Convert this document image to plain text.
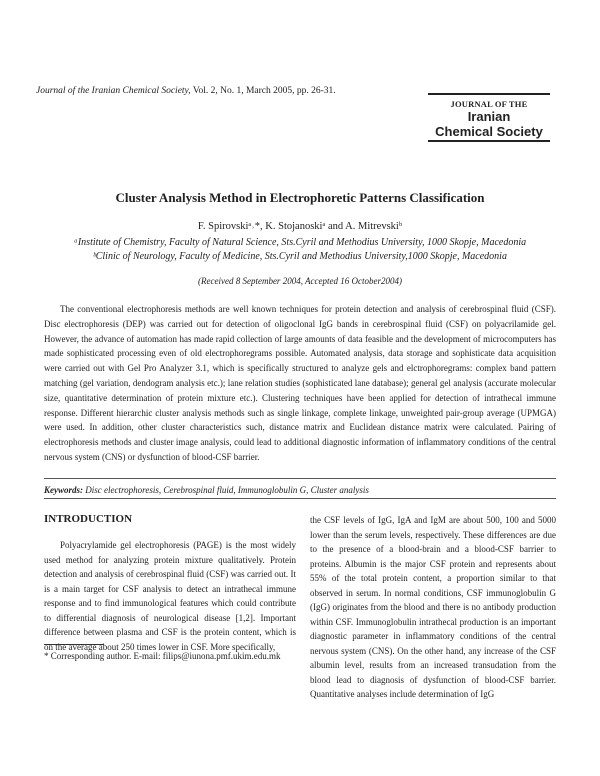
Journal of the Iranian Chemical Society, Vol. 2, No. 1, March 2005, pp. 26-31.
JOURNAL OF THE
Iranian
Chemical Society
Cluster Analysis Method in Electrophoretic Patterns Classification
F. Spirovskiᵃ˒*, K. Stojanoskiᵃ and A. Mitrevskiᵇ
ᵃInstitute of Chemistry, Faculty of Natural Science, Sts.Cyril and Methodius University, 1000 Skopje, Macedonia
ᵇClinic of Neurology, Faculty of Medicine, Sts.Cyril and Methodius University,1000 Skopje, Macedonia
(Received 8 September 2004, Accepted 16 October2004)

The conventional electrophoresis methods are well known techniques for protein detection and analysis of cerebrospinal fluid (CSF). Disc electrophoresis (DEP) was carried out for detection of oligoclonal IgG bands in cerebrospinal fluid (CSF) on polyacrilamide gel. However, the advance of automation has made rapid collection of large amounts of data feasible and the development of microcomputers has made sophisticated processing even of old electrophoregrams possible. Automated analysis, data storage and sophisticate data acquisition were carried out with Gel Pro Analyzer 3.1, which is specifically structured to analyze gels and elctrophoregrams: complex band pattern matching (gel variation, dendogram analysis etc.); lane relation studies (sophisticated lane database); general gel analysis (accurate molecular size, quantitative determination of protein mixture etc.). Clustering techniques have been applied for detection of intrathecal immune response. Different hierarchic cluster analysis methods such as single linkage, complete linkage, unweighted pair-group average (UPMGA) were used. In addition, other cluster characteristics such, distance matrix and Euclidean distance matrix were calculated. Pairing of electrophoresis methods and cluster image analysis, could lead to additional diagnostic information of inflammatory conditions of the central nervous system (CNS) or dysfunction of blood-CSF barrier.

Keywords: Disc electrophoresis, Cerebrospinal fluid, Immunoglobulin G, Cluster analysis
INTRODUCTION

Polyacrylamide gel electrophoresis (PAGE) is the most widely used method for analyzing protein mixture qualitatively. Protein detection and analysis of cerebrospinal fluid (CSF) was carried out. It is a main target for CSF analysis to detect an intrathecal immune response and to find immunological features which could contribute to differential diagnosis of neurological disease [1,2]. Important difference between plasma and CSF is the protein content, which is on the average about 250 times lower in CSF. More specifically,

the CSF levels of IgG, IgA and IgM are about 500, 100 and 5000 lower than the serum levels, respectively. These differences are due to the presence of a blood-brain and a blood-CSF barrier to proteins. Albumin is the major CSF protein and represents about 55% of the total protein content, a proportion similar to that observed in serum. In normal conditions, CSF immunoglobulin G (IgG) originates from the blood and there is no antibody production within CSF. Immunoglobulin intrathecal production is an important diagnostic parameter in inflammatory conditions of the central nervous system (CNS). On the other hand, any increase of the CSF albumin level, results from an increased transudation from the blood lead to diagnosis of dysfunction of blood-CSF barrier. Quantitative analyses include determination of IgG

* Corresponding author. E-mail: filips@iunona.pmf.ukim.edu.mk
